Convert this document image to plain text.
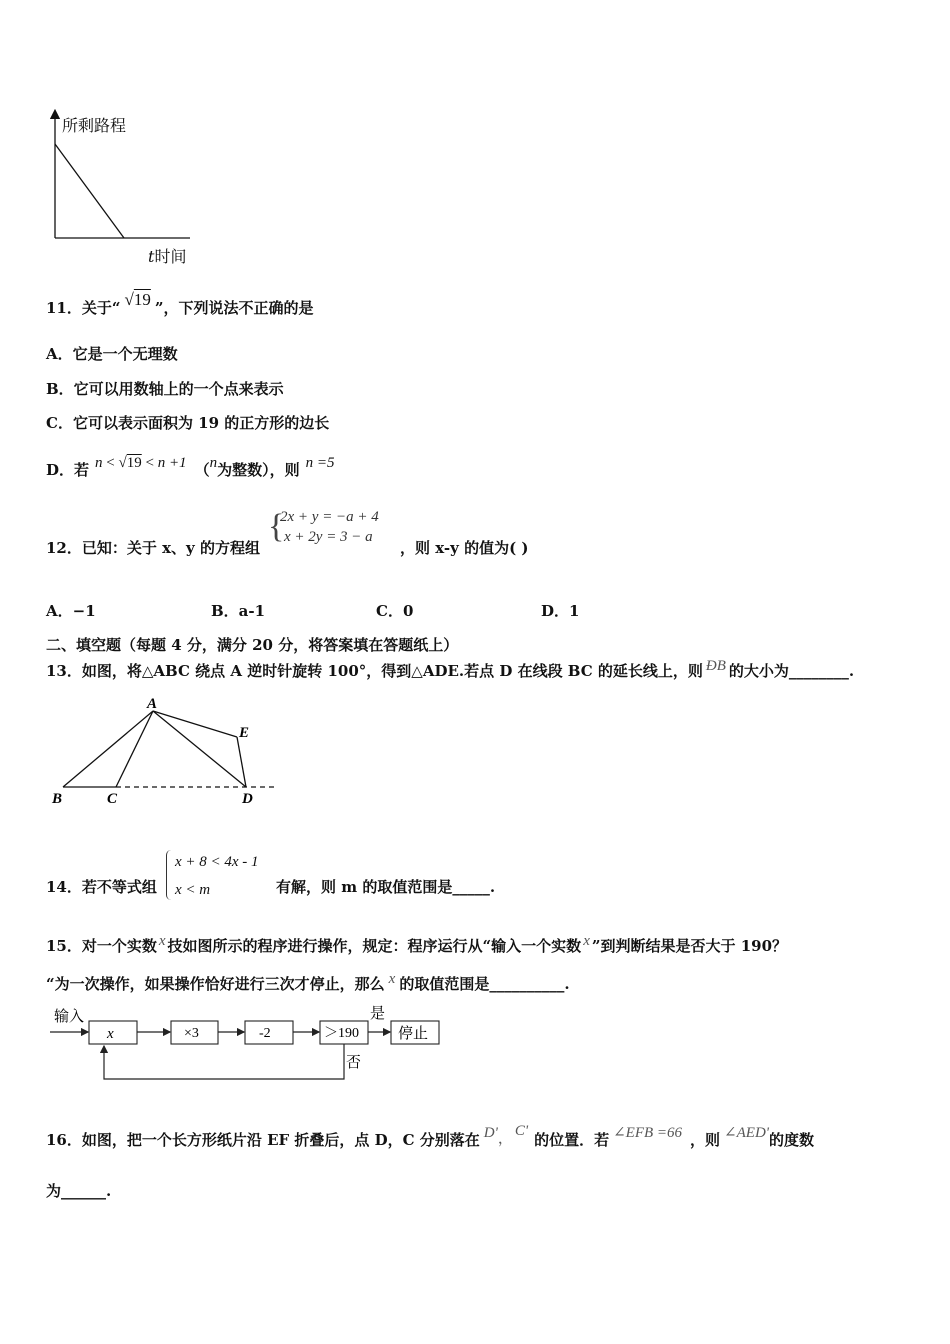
所剩路程
t时间
11．关于“ √19 ”，下列说法不正确的是
A．它是一个无理数
B．它可以用数轴上的一个点来表示
C．它可以表示面积为 19 的正方形的边长
D．若 n < √19 < n +1 （n为整数），则 n =5
12．已知：关于 x、y 的方程组
{
2x + y = −a + 4
x + 2y = 3 − a
，则 x-y 的值为( )
A．−1	B．a-1	C．0	D．1
二、填空题（每题 4 分，满分 20 分，将答案填在答题纸上）
13．如图，将△ABC 绕点 A 逆时针旋转 100°，得到△ADE.若点 D 在线段 BC 的延长线上，则 ÐB 的大小为________.
A
B	C	D
E
14．若不等式组
x + 8 < 4x - 1
x < m	有解，则 m 的取值范围是_____.
15．对一个实数 x 技如图所示的程序进行操作，规定：程序运行从“输入一个实数 x ”到判断结果是否大于 190？
“为一次操作，如果操作恰好进行三次才停止，那么 x 的取值范围是__________.
输入
x	×3	-2	＞190
是
停止
否
16．如图，把一个长方形纸片沿 EF 折叠后，点 D，C 分别落在 D'， C' 的位置．若 ∠EFB =66 ，则 ∠AED'的度数
为______.
